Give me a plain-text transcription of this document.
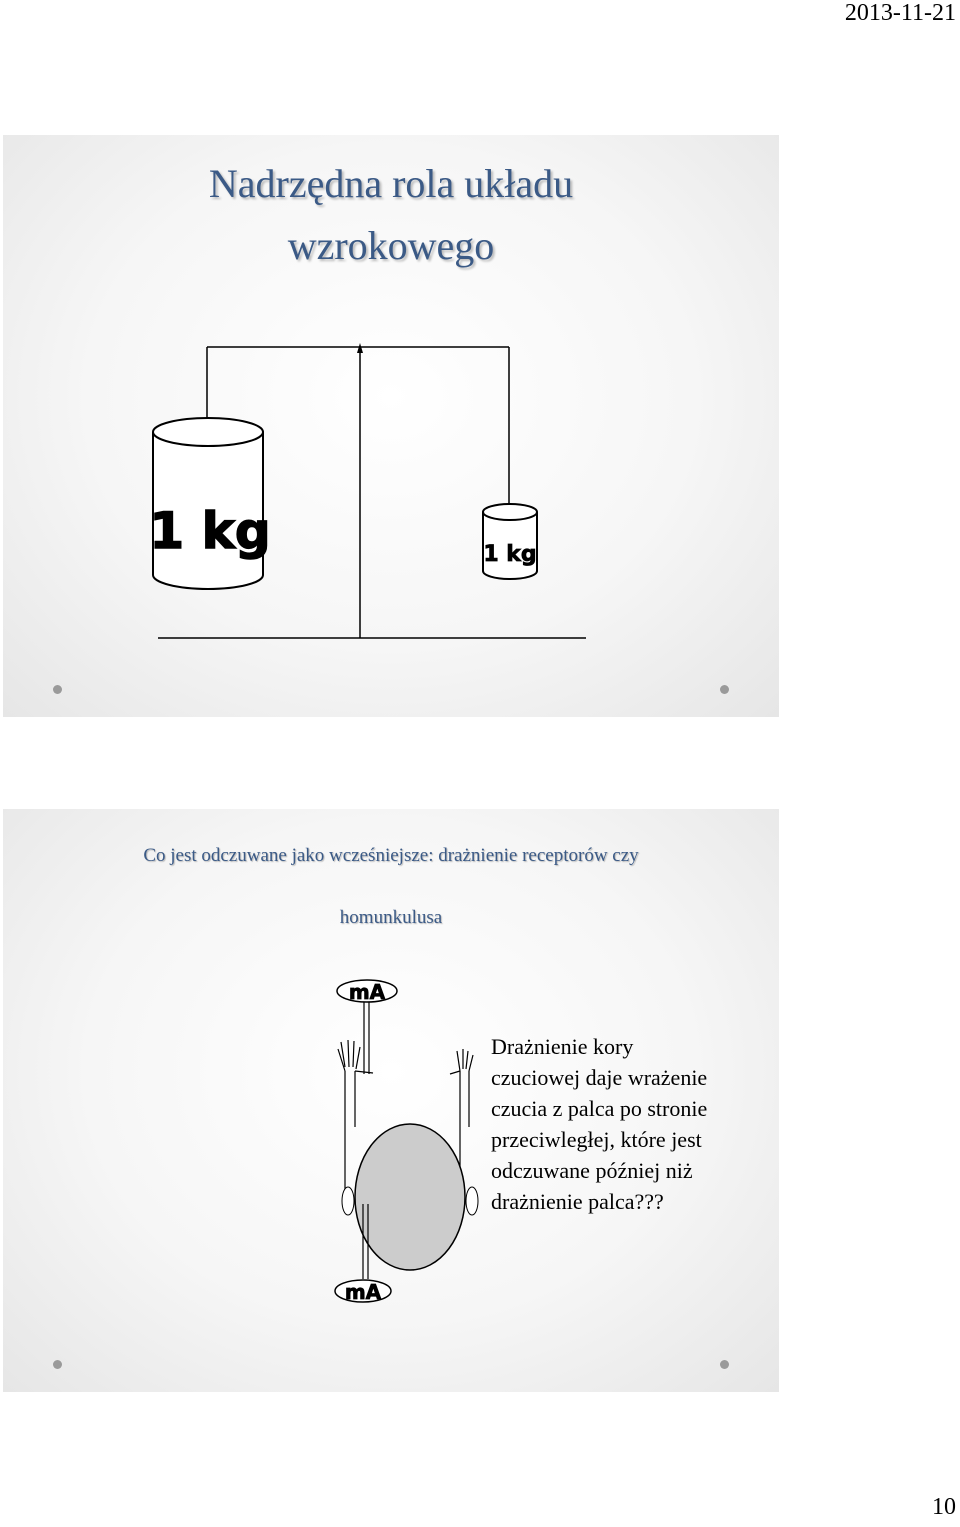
2013-11-21
Nadrzędna rola układu
wzrokowego
1 kg	1 kg
Co jest odczuwane jako wcześniejsze: drażnienie receptorów czy
homunkulusa
mA
mA
Drażnienie kory
czuciowej daje wrażenie
czucia z palca po stronie
przeciwległej, które jest
odczuwane później niż
drażnienie palca???
10
